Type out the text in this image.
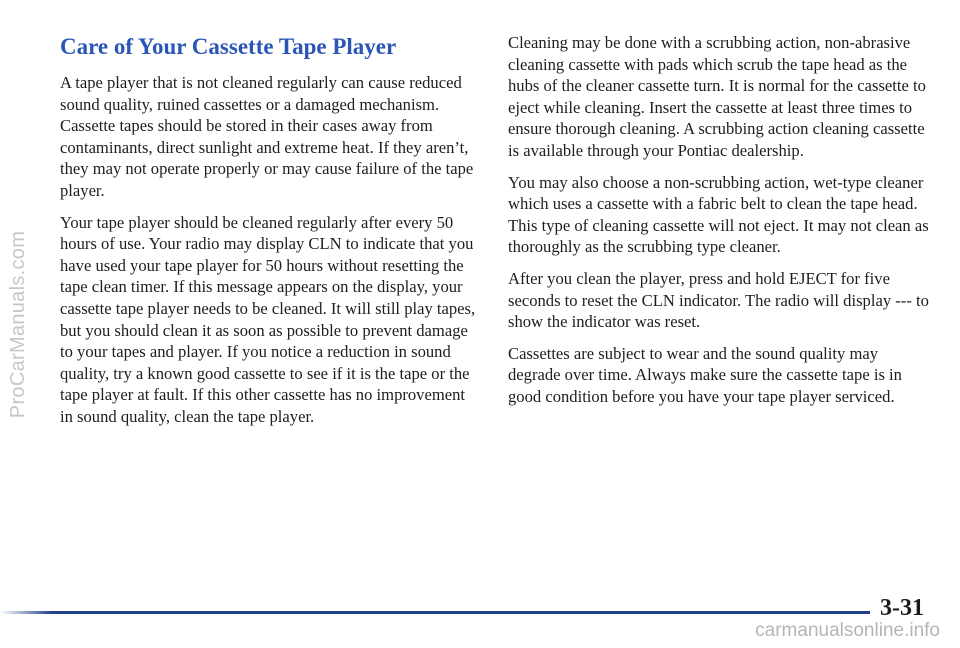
ProCarManuals.com
Care of Your Cassette Tape Player

A tape player that is not cleaned regularly can cause reduced sound quality, ruined cassettes or a damaged mechanism. Cassette tapes should be stored in their cases away from contaminants, direct sunlight and extreme heat. If they aren’t, they may not operate properly or may cause failure of the tape player.

Your tape player should be cleaned regularly after every 50 hours of use. Your radio may display CLN to indicate that you have used your tape player for 50 hours without resetting the tape clean timer. If this message appears on the display, your cassette tape player needs to be cleaned. It will still play tapes, but you should clean it as soon as possible to prevent damage to your tapes and player. If you notice a reduction in sound quality, try a known good cassette to see if it is the tape or the tape player at fault. If this other cassette has no improvement in sound quality, clean the tape player.

Cleaning may be done with a scrubbing action, non-abrasive cleaning cassette with pads which scrub the tape head as the hubs of the cleaner cassette turn. It is normal for the cassette to eject while cleaning. Insert the cassette at least three times to ensure thorough cleaning. A scrubbing action cleaning cassette is available through your Pontiac dealership.

You may also choose a non-scrubbing action, wet-type cleaner which uses a cassette with a fabric belt to clean the tape head. This type of cleaning cassette will not eject. It may not clean as thoroughly as the scrubbing type cleaner.

After you clean the player, press and hold EJECT for five seconds to reset the CLN indicator. The radio will display --- to show the indicator was reset.

Cassettes are subject to wear and the sound quality may degrade over time. Always make sure the cassette tape is in good condition before you have your tape player serviced.

3-31
carmanualsonline.info
